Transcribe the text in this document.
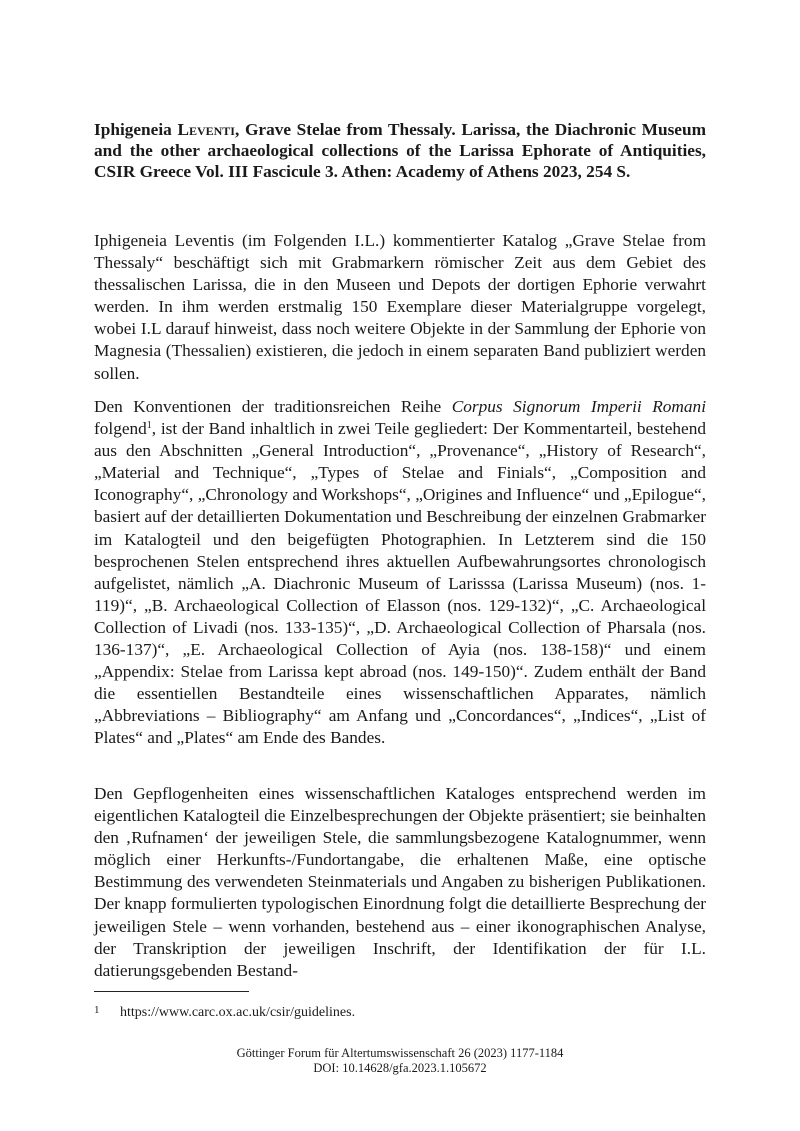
Iphigeneia Leventi, Grave Stelae from Thessaly. Larissa, the Diachronic Museum and the other archaeological collections of the Larissa Ephorate of Antiquities, CSIR Greece Vol. III Fascicule 3. Athen: Academy of Athens 2023, 254 S.

Iphigeneia Leventis (im Folgenden I.L.) kommentierter Katalog „Grave Stelae from Thessaly“ beschäftigt sich mit Grabmarkern römischer Zeit aus dem Gebiet des thessalischen Larissa, die in den Museen und Depots der dortigen Ephorie verwahrt werden. In ihm werden erstmalig 150 Exemplare dieser Materialgruppe vorgelegt, wobei I.L darauf hinweist, dass noch weitere Objekte in der Sammlung der Ephorie von Magnesia (Thessalien) existieren, die jedoch in einem separaten Band publiziert werden sollen.

Den Konventionen der traditionsreichen Reihe Corpus Signorum Imperii Romani folgend$^1$, ist der Band inhaltlich in zwei Teile gegliedert: Der Kommentarteil, bestehend aus den Abschnitten „General Introduction“, „Provenance“, „History of Research“, „Material and Technique“, „Types of Stelae and Finials“, „Composition and Iconography“, „Chronology and Workshops“, „Origines and Influence“ und „Epilogue“, basiert auf der detaillierten Dokumentation und Beschreibung der einzelnen Grabmarker im Katalogteil und den beigefügten Photographien. In Letzterem sind die 150 besprochenen Stelen entsprechend ihres aktuellen Aufbewahrungsortes chronologisch aufgelistet, nämlich „A. Diachronic Museum of Larisssa (Larissa Museum) (nos. 1-119)“, „B. Archaeological Collection of Elasson (nos. 129-132)“, „C. Archaeological Collection of Livadi (nos. 133-135)“, „D. Archaeological Collection of Pharsala (nos. 136-137)“, „E. Archaeological Collection of Ayia (nos. 138-158)“ und einem „Appendix: Stelae from Larissa kept abroad (nos. 149-150)“. Zudem enthält der Band die essentiellen Bestandteile eines wissenschaftlichen Apparates, nämlich „Abbreviations – Bibliography“ am Anfang und „Concordances“, „Indices“, „List of Plates“ and „Plates“ am Ende des Bandes.

Den Gepflogenheiten eines wissenschaftlichen Kataloges entsprechend werden im eigentlichen Katalogteil die Einzelbesprechungen der Objekte präsentiert; sie beinhalten den ‚Rufnamen‘ der jeweiligen Stele, die sammlungsbezogene Katalognummer, wenn möglich einer Herkunfts-/Fundortangabe, die erhaltenen Maße, eine optische Bestimmung des verwendeten Steinmaterials und Angaben zu bisherigen Publikationen. Der knapp formulierten typologischen Einordnung folgt die detaillierte Besprechung der jeweiligen Stele – wenn vorhanden, bestehend aus – einer ikonographischen Analyse, der Transkription der jeweiligen Inschrift, der Identifikation der für I.L. datierungsgebenden Bestand-

1 https://www.carc.ox.ac.uk/csir/guidelines.
Göttinger Forum für Altertumswissenschaft 26 (2023) 1177-1184
DOI: 10.14628/gfa.2023.1.105672
